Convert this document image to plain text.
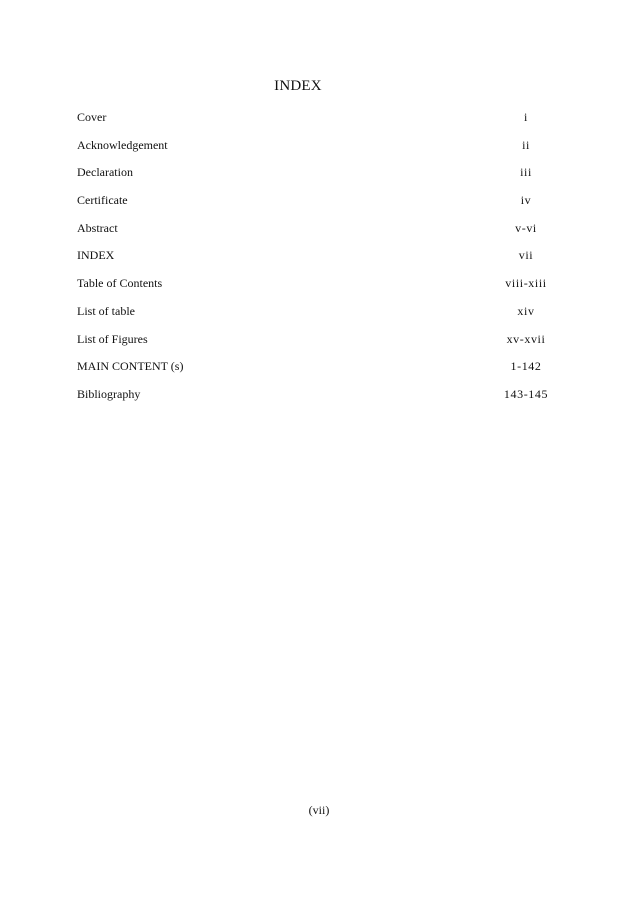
INDEX
Cover	i
Acknowledgement	ii
Declaration	iii
Certificate	iv
Abstract	v-vi
INDEX	vii
Table of Contents	viii-xiii
List of table	xiv
List of Figures	xv-xvii
MAIN CONTENT (s)	1-142
Bibliography	143-145
(vii)
